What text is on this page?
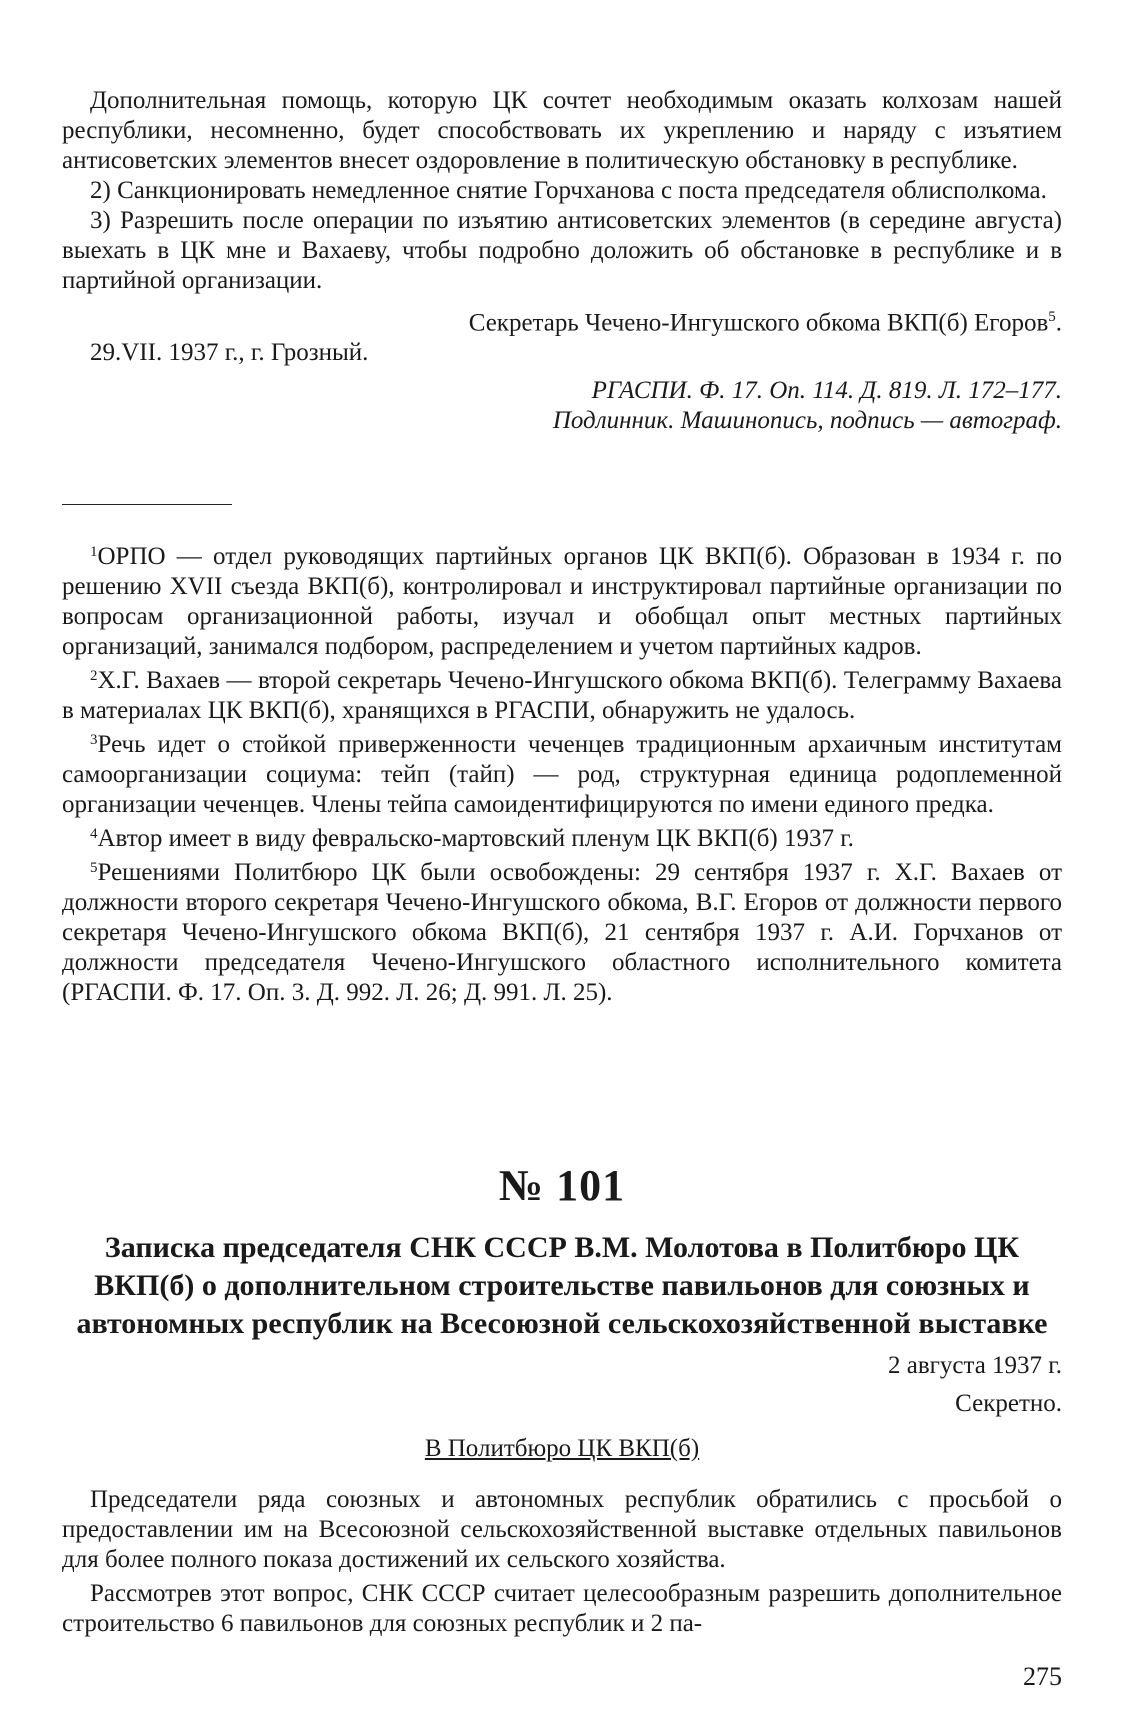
Дополнительная помощь, которую ЦК сочтет необходимым оказать колхозам нашей республики, несомненно, будет способствовать их укреплению и наряду с изъятием антисоветских элементов внесет оздоровление в политическую обстановку в республике.

2) Санкционировать немедленное снятие Горчханова с поста председателя облисполкома.

3) Разрешить после операции по изъятию антисоветских элементов (в середине августа) выехать в ЦК мне и Вахаеву, чтобы подробно доложить об обстановке в республике и в партийной организации.

Секретарь Чечено-Ингушского обкома ВКП(б) Егоров$^5$.

29.VII. 1937 г., г. Грозный.

РГАСПИ. Ф. 17. Оп. 114. Д. 819. Л. 172–177.

Подлинник. Машинопись, подпись — автограф.

$^1$ОРПО — отдел руководящих партийных органов ЦК ВКП(б). Образован в 1934 г. по решению XVII съезда ВКП(б), контролировал и инструктировал партийные организации по вопросам организационной работы, изучал и обобщал опыт местных партийных организаций, занимался подбором, распределением и учетом партийных кадров.

$^2$Х.Г. Вахаев — второй секретарь Чечено-Ингушского обкома ВКП(б). Телеграмму Вахаева в материалах ЦК ВКП(б), хранящихся в РГАСПИ, обнаружить не удалось.

$^3$Речь идет о стойкой приверженности чеченцев традиционным архаичным институтам самоорганизации социума: тейп (тайп) — род, структурная единица родоплеменной организации чеченцев. Члены тейпа самоидентифицируются по имени единого предка.

$^4$Автор имеет в виду февральско-мартовский пленум ЦК ВКП(б) 1937 г.

$^5$Решениями Политбюро ЦК были освобождены: 29 сентября 1937 г. Х.Г. Вахаев от должности второго секретаря Чечено-Ингушского обкома, В.Г. Егоров от должности первого секретаря Чечено-Ингушского обкома ВКП(б), 21 сентября 1937 г. А.И. Горчханов от должности председателя Чечено-Ингушского областного исполнительного комитета (РГАСПИ. Ф. 17. Оп. 3. Д. 992. Л. 26; Д. 991. Л. 25).

№ 101

Записка председателя СНК СССР В.М. Молотова в Политбюро ЦК ВКП(б) о дополнительном строительстве павильонов для союзных и автономных республик на Всесоюзной сельскохозяйственной выставке

2 августа 1937 г.

Секретно.

В Политбюро ЦК ВКП(б)

Председатели ряда союзных и автономных республик обратились с просьбой о предоставлении им на Всесоюзной сельскохозяйственной выставке отдельных павильонов для более полного показа достижений их сельского хозяйства.

Рассмотрев этот вопрос, СНК СССР считает целесообразным разрешить дополнительное строительство 6 павильонов для союзных республик и 2 па-

275
